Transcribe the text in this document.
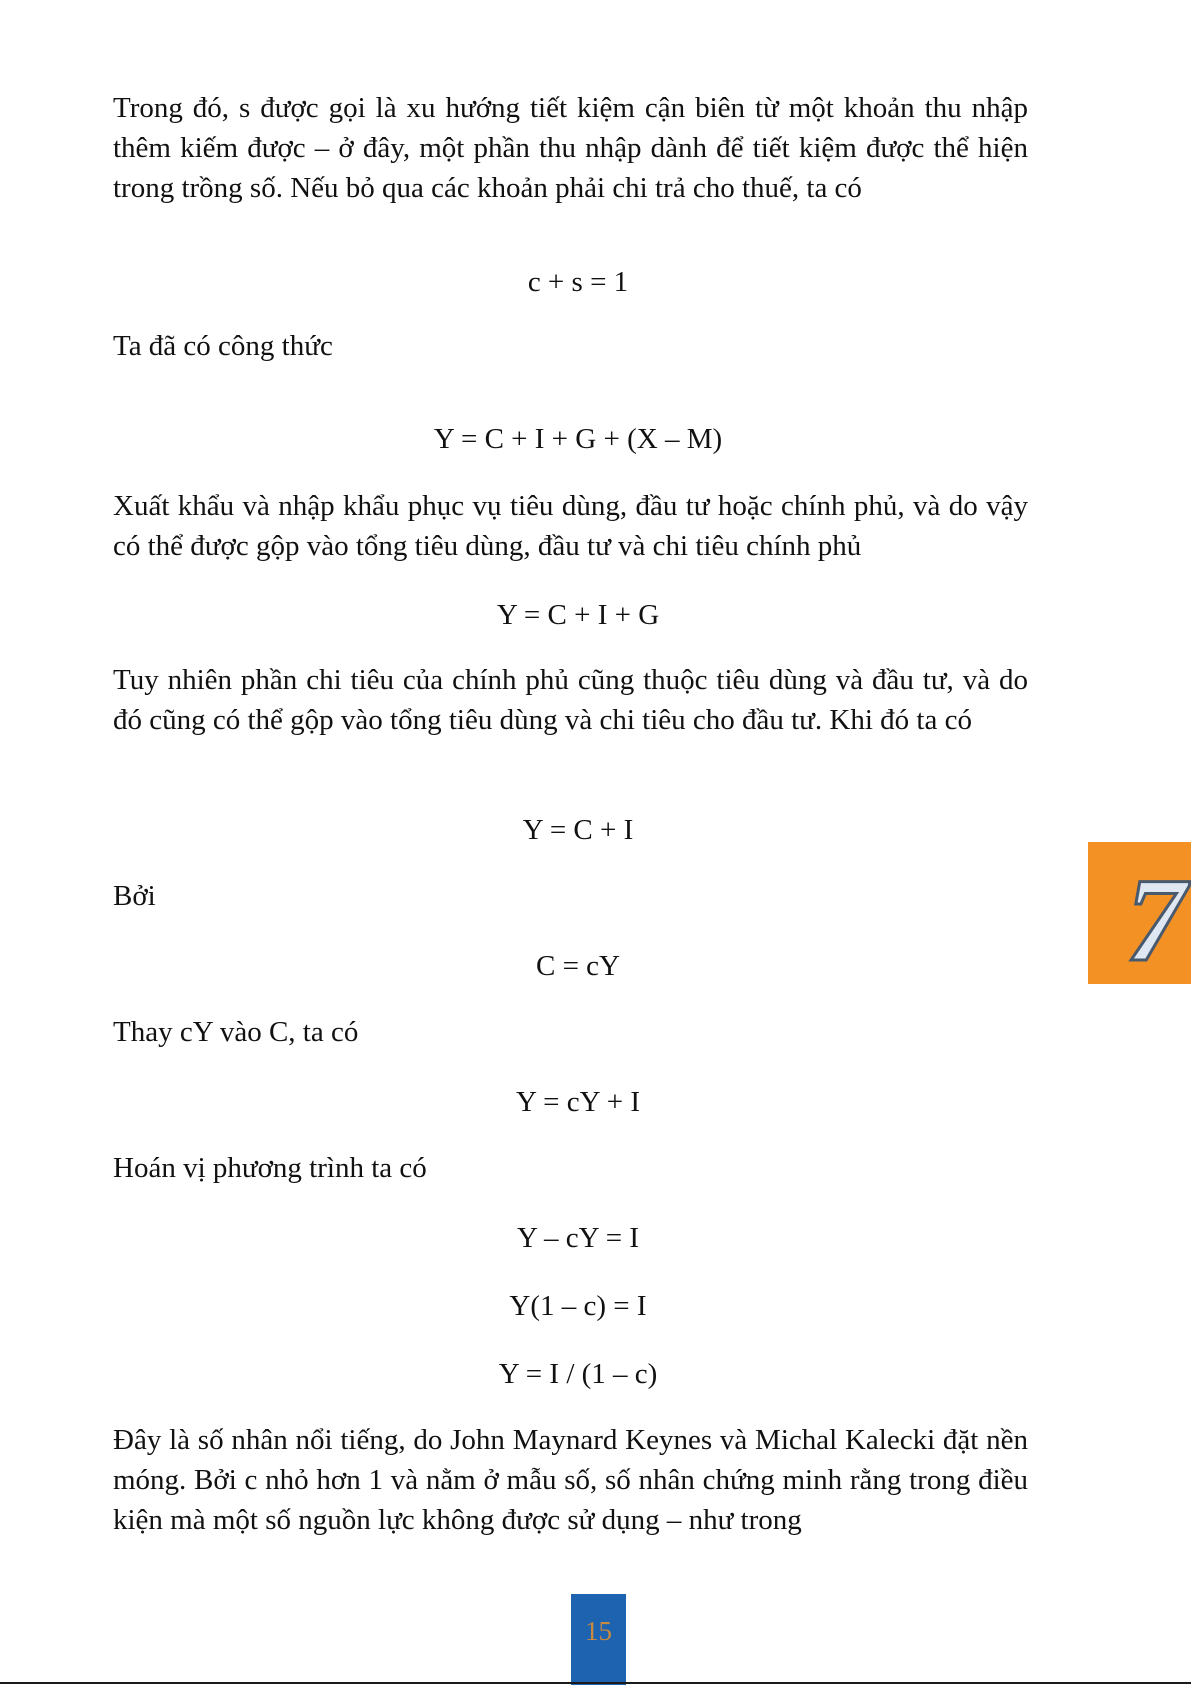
Trong đó, s được gọi là xu hướng tiết kiệm cận biên từ một khoản thu nhập thêm kiếm được – ở đây, một phần thu nhập dành để tiết kiệm được thể hiện trong trồng số. Nếu bỏ qua các khoản phải chi trả cho thuế, ta có

c + s = 1

Ta đã có công thức

Y = C + I + G + (X – M)

Xuất khẩu và nhập khẩu phục vụ tiêu dùng, đầu tư hoặc chính phủ, và do vậy có thể được gộp vào tổng tiêu dùng, đầu tư và chi tiêu chính phủ

Y = C + I + G

Tuy nhiên phần chi tiêu của chính phủ cũng thuộc tiêu dùng và đầu tư, và do đó cũng có thể gộp vào tổng tiêu dùng và chi tiêu cho đầu tư. Khi đó ta có

Y = C + I

Bởi

C = cY

Thay cY vào C, ta có

Y = cY + I

Hoán vị phương trình ta có

Y – cY = I

Y(1 – c) = I

Y = I / (1 – c)

Đây là số nhân nổi tiếng, do John Maynard Keynes và Michal Kalecki đặt nền móng. Bởi c nhỏ hơn 1 và nằm ở mẫu số, số nhân chứng minh rằng trong điều kiện mà một số nguồn lực không được sử dụng – như trong

7
15
